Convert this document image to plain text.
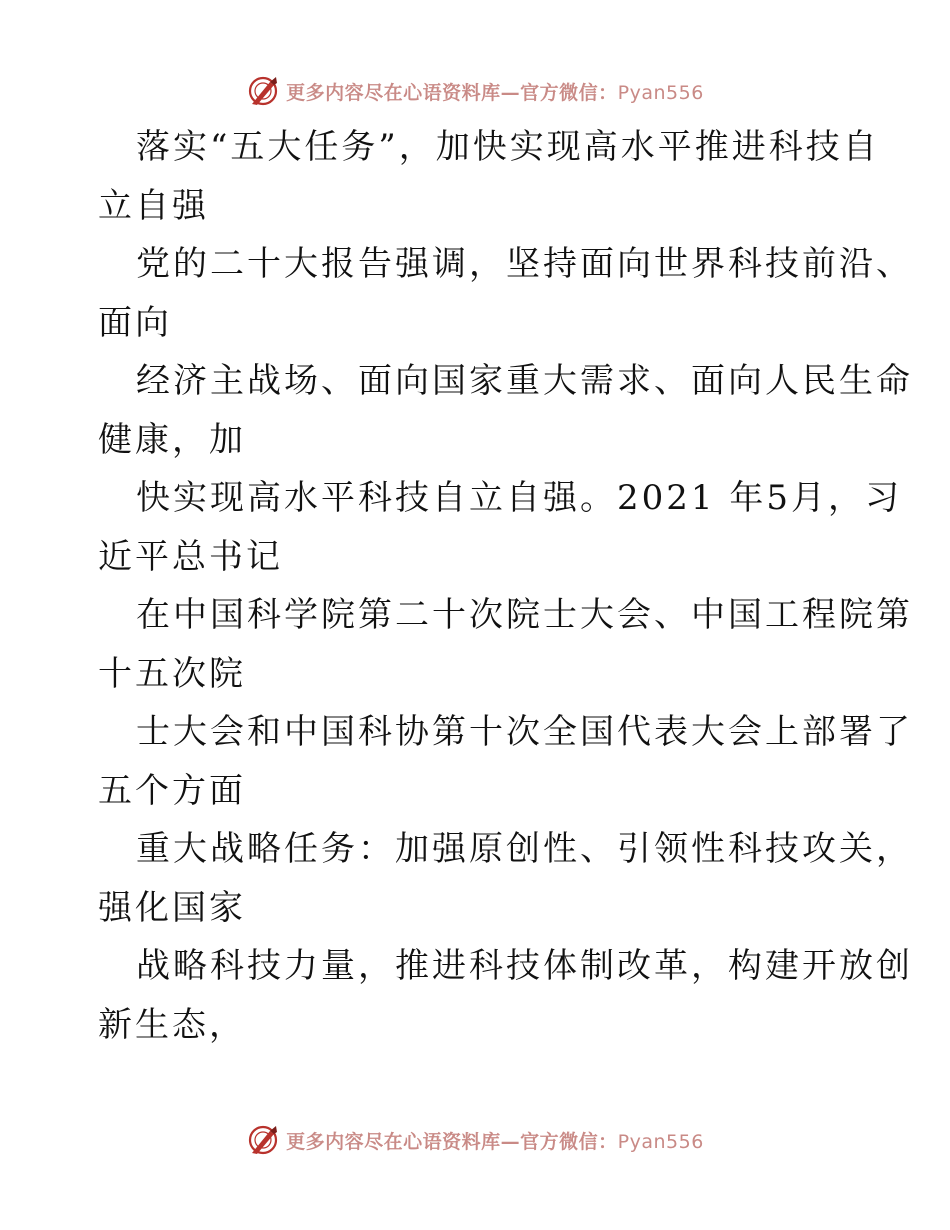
更多内容尽在心语资料库—官方微信：Pyan556

落实“五大任务”，加快实现高水平推进科技自
立自强

党的二十大报告强调，坚持面向世界科技前沿、
面向

经济主战场、面向国家重大需求、面向人民生命
健康，加

快实现高水平科技自立自强。2021 年5月，习
近平总书记

在中国科学院第二十次院士大会、中国工程院第
十五次院

士大会和中国科协第十次全国代表大会上部署了
五个方面

重大战略任务：加强原创性、引领性科技攻关，
强化国家

战略科技力量，推进科技体制改革，构建开放创
新生态，

更多内容尽在心语资料库—官方微信：Pyan556
